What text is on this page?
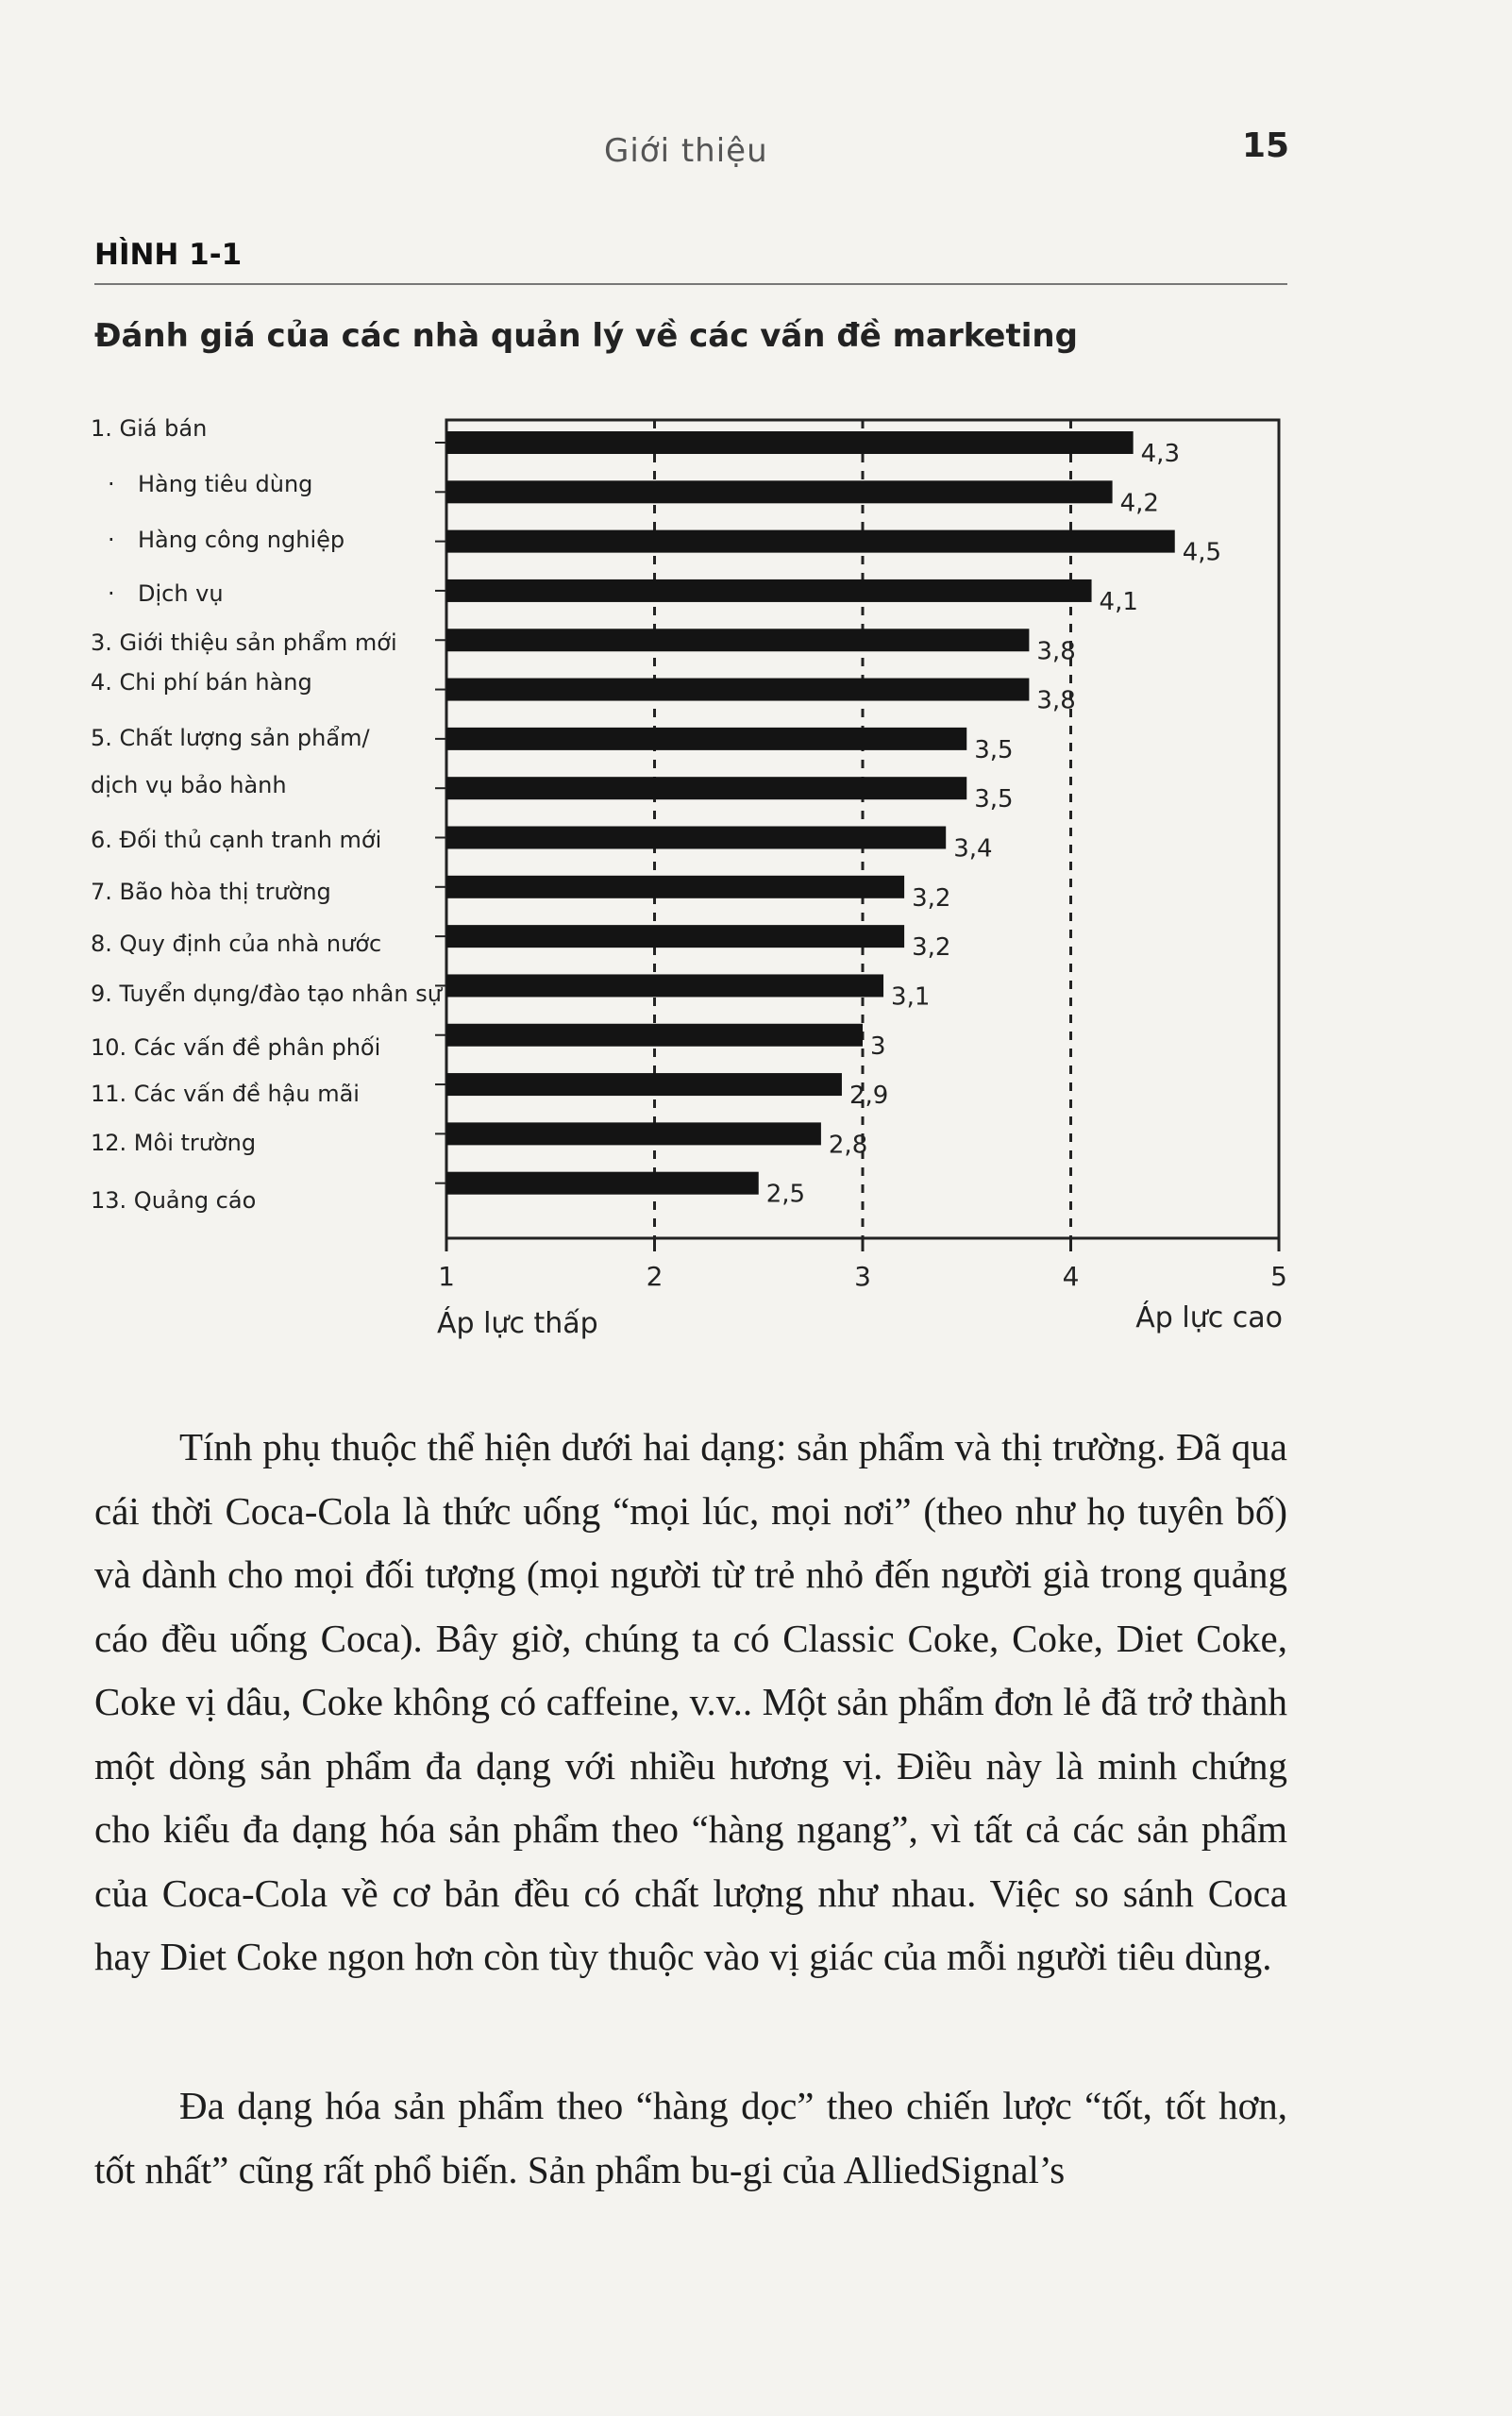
Giới thiệu	15
HÌNH 1-1
Đánh giá của các nhà quản lý về các vấn đề marketing
4,3
4,2
4,5
4,1
3,8
3,8
3,5
3,5
3,4
3,2
3,2
3,1
3
2,9
2,8
2,5
1. Giá bán
· Hàng tiêu dùng
· Hàng công nghiệp
· Dịch vụ
3. Giới thiệu sản phẩm mới
4. Chi phí bán hàng
5. Chất lượng sản phẩm/
dịch vụ bảo hành
6. Đối thủ cạnh tranh mới
7. Bão hòa thị trường
8. Quy định của nhà nước
9. Tuyển dụng/đào tạo nhân sự
10. Các vấn đề phân phối
11. Các vấn đề hậu mãi
12. Môi trường
13. Quảng cáo
1	2	3	4	5
Áp lực thấp	Áp lực cao

Tính phụ thuộc thể hiện dưới hai dạng: sản phẩm và thị trường. Đã qua cái thời Coca-Cola là thức uống “mọi lúc, mọi nơi” (theo như họ tuyên bố) và dành cho mọi đối tượng (mọi người từ trẻ nhỏ đến người già trong quảng cáo đều uống Coca). Bây giờ, chúng ta có Classic Coke, Coke, Diet Coke, Coke vị dâu, Coke không có caffeine, v.v.. Một sản phẩm đơn lẻ đã trở thành một dòng sản phẩm đa dạng với nhiều hương vị. Điều này là minh chứng cho kiểu đa dạng hóa sản phẩm theo “hàng ngang”, vì tất cả các sản phẩm của Coca-Cola về cơ bản đều có chất lượng như nhau. Việc so sánh Coca hay Diet Coke ngon hơn còn tùy thuộc vào vị giác của mỗi người tiêu dùng.

Đa dạng hóa sản phẩm theo “hàng dọc” theo chiến lược “tốt, tốt hơn, tốt nhất” cũng rất phổ biến. Sản phẩm bu-gi của AlliedSignal’s
